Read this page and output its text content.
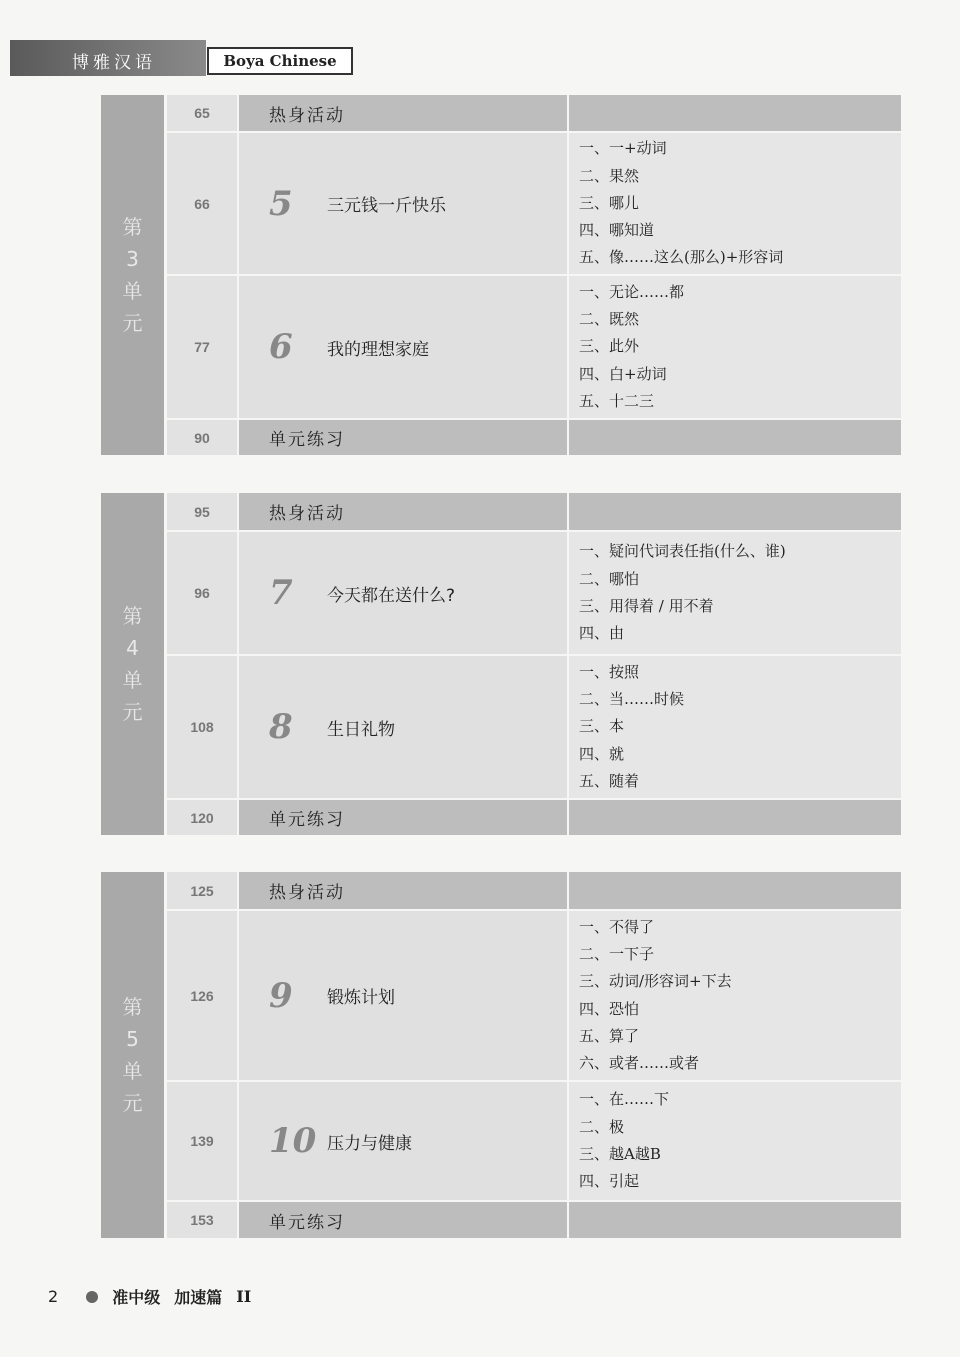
博雅汉语	Boya Chinese
第
3
单
元
65	热身活动
66	5	三元钱一斤快乐
一、一+动词
二、果然
三、哪儿
四、哪知道
五、像……这么(那么)+形容词
77	6	我的理想家庭
一、无论……都
二、既然
三、此外
四、白+动词
五、十二三
90	单元练习
第
4
单
元
95	热身活动
96	7	今天都在送什么?
一、疑问代词表任指(什么、谁)
二、哪怕
三、用得着 / 用不着
四、由
108	8	生日礼物
一、按照
二、当……时候
三、本
四、就
五、随着
120	单元练习
第
5
单
元
125	热身活动
126	9	锻炼计划
一、不得了
二、一下子
三、动词/形容词+下去
四、恐怕
五、算了
六、或者……或者
139	10 压力与健康
一、在……下
二、极
三、越A越B
四、引起
153	单元练习
2	准中级 加速篇 II
